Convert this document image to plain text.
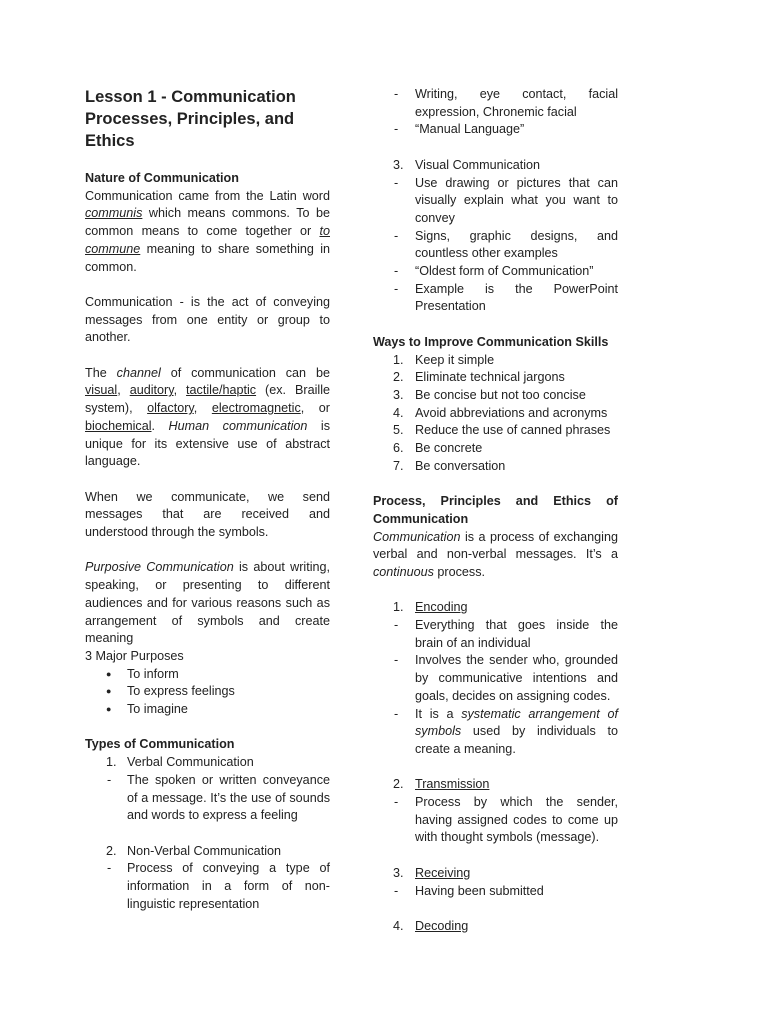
Lesson 1 - Communication Processes, Principles, and Ethics
Nature of Communication

Communication came from the Latin word communis which means commons. To be common means to come together or to commune meaning to share something in common.

Communication - is the act of conveying messages from one entity or group to another.

The channel of communication can be visual, auditory, tactile/haptic (ex. Braille system), olfactory, electromagnetic, or biochemical. Human communication is unique for its extensive use of abstract language.

When we communicate, we send messages that are received and understood through the symbols.

Purposive Communication is about writing, speaking, or presenting to different audiences and for various reasons such as arrangement of symbols and create meaning

3 Major Purposes
● To inform
● To express feelings
● To imagine
Types of Communication
1. Verbal Communication
- The spoken or written conveyance of a message. It’s the use of sounds and words to express a feeling
2. Non-Verbal Communication
- Process of conveying a type of information in a form of non-linguistic representation
- Writing, eye contact, facial expression, Chronemic facial
- “Manual Language”
3. Visual Communication
- Use drawing or pictures that can visually explain what you want to convey
- Signs, graphic designs, and countless other examples
- “Oldest form of Communication”
- Example is the PowerPoint Presentation
Ways to Improve Communication Skills
1. Keep it simple
2. Eliminate technical jargons
3. Be concise but not too concise
4. Avoid abbreviations and acronyms
5. Reduce the use of canned phrases
6. Be concrete
7. Be conversation

Process, Principles and Ethics of Communication

Communication is a process of exchanging verbal and non-verbal messages. It’s a continuous process.

1. Encoding
- Everything that goes inside the brain of an individual
- Involves the sender who, grounded by communicative intentions and goals, decides on assigning codes.
- It is a systematic arrangement of symbols used by individuals to create a meaning.
2. Transmission
- Process by which the sender, having assigned codes to come up with thought symbols (message).
3. Receiving
- Having been submitted
4. Decoding
